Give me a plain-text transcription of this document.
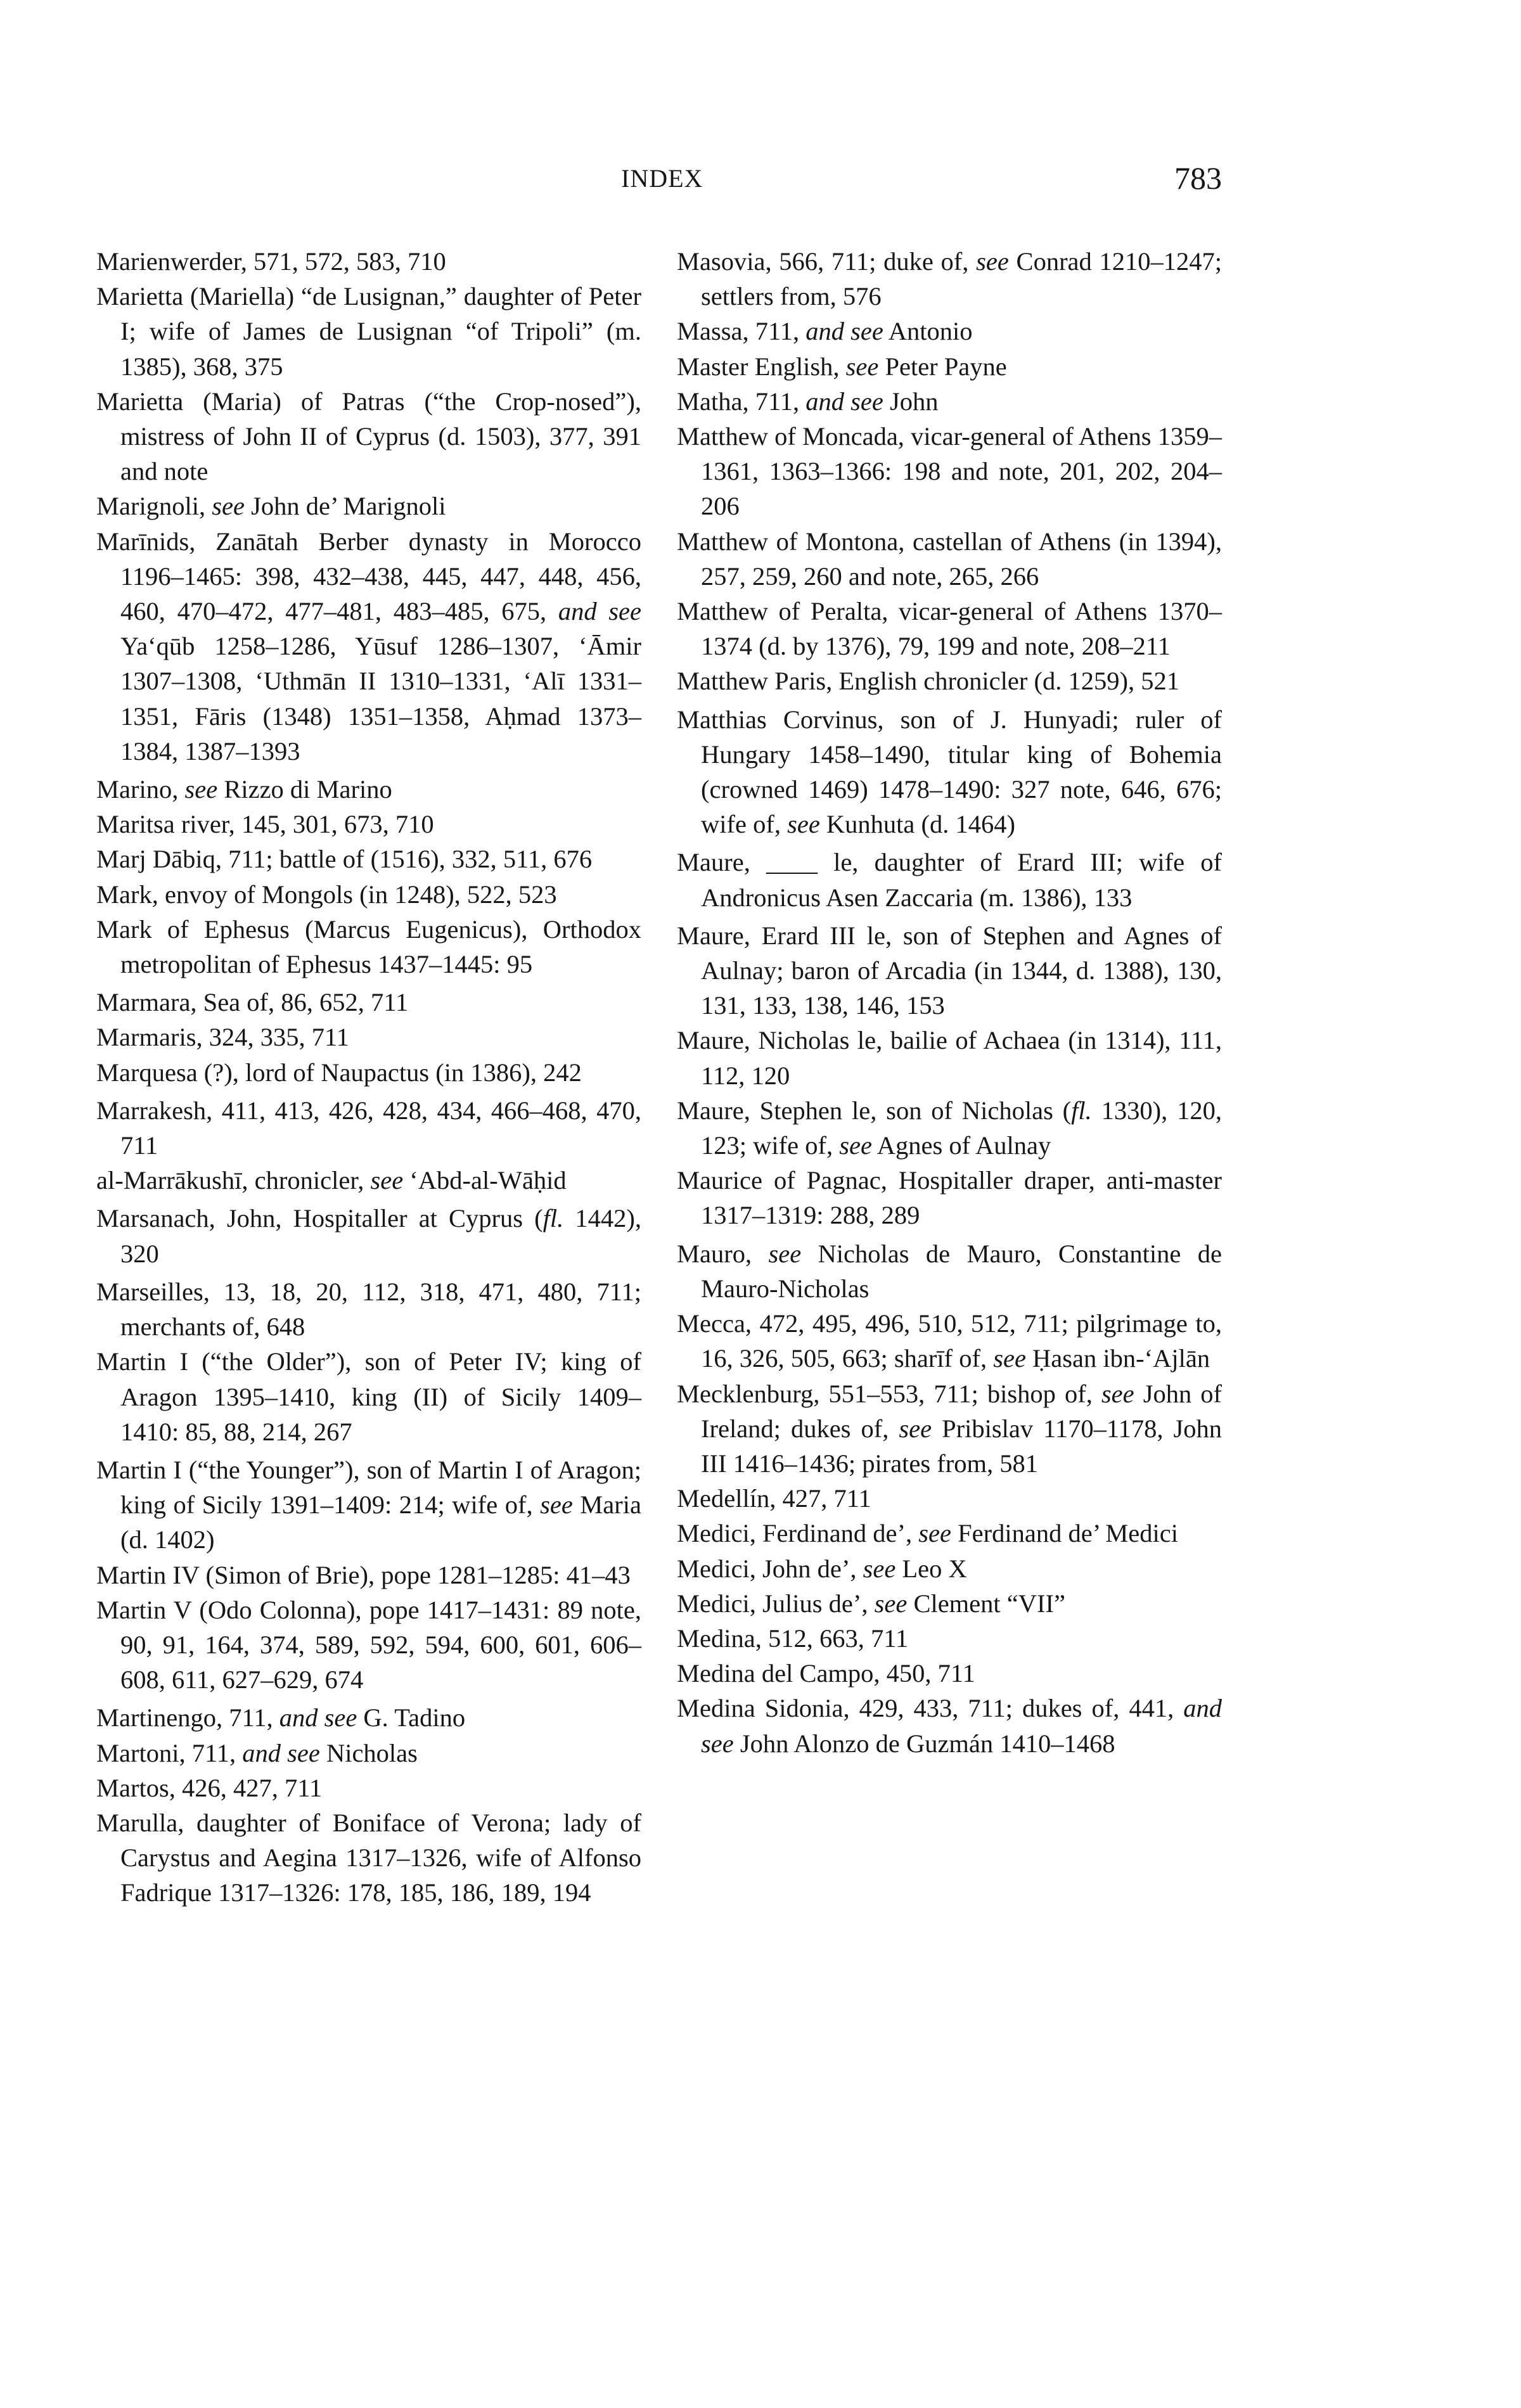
INDEX	783

Marienwerder, 571, 572, 583, 710

Marietta (Mariella) “de Lusignan,” daughter of Peter I; wife of James de Lusignan “of Tripoli” (m. 1385), 368, 375

Marietta (Maria) of Patras (“the Crop-nosed”), mistress of John II of Cyprus (d. 1503), 377, 391 and note

Marignoli, see John de’ Marignoli

Marīnids, Zanātah Berber dynasty in Morocco 1196–1465: 398, 432–438, 445, 447, 448, 456, 460, 470–472, 477–481, 483–485, 675, and see Ya‘qūb 1258–1286, Yūsuf 1286–1307, ‘Āmir 1307–1308, ‘Uthmān II 1310–1331, ‘Alī 1331–1351, Fāris (1348) 1351–1358, Aḥmad 1373–1384, 1387–1393

Marino, see Rizzo di Marino

Maritsa river, 145, 301, 673, 710

Marj Dābiq, 711; battle of (1516), 332, 511, 676

Mark, envoy of Mongols (in 1248), 522, 523

Mark of Ephesus (Marcus Eugenicus), Orthodox metropolitan of Ephesus 1437–1445: 95

Marmara, Sea of, 86, 652, 711

Marmaris, 324, 335, 711

Marquesa (?), lord of Naupactus (in 1386), 242

Marrakesh, 411, 413, 426, 428, 434, 466–468, 470, 711

al-Marrākushī, chronicler, see ‘Abd-al-Wāḥid

Marsanach, John, Hospitaller at Cyprus (fl. 1442), 320

Marseilles, 13, 18, 20, 112, 318, 471, 480, 711; merchants of, 648

Martin I (“the Older”), son of Peter IV; king of Aragon 1395–1410, king (II) of Sicily 1409–1410: 85, 88, 214, 267

Martin I (“the Younger”), son of Martin I of Aragon; king of Sicily 1391–1409: 214; wife of, see Maria (d. 1402)

Martin IV (Simon of Brie), pope 1281–1285: 41–43

Martin V (Odo Colonna), pope 1417–1431: 89 note, 90, 91, 164, 374, 589, 592, 594, 600, 601, 606–608, 611, 627–629, 674

Martinengo, 711, and see G. Tadino

Martoni, 711, and see Nicholas

Martos, 426, 427, 711

Marulla, daughter of Boniface of Verona; lady of Carystus and Aegina 1317–1326, wife of Alfonso Fadrique 1317–1326: 178, 185, 186, 189, 194

Masovia, 566, 711; duke of, see Conrad 1210–1247; settlers from, 576

Massa, 711, and see Antonio

Master English, see Peter Payne

Matha, 711, and see John

Matthew of Moncada, vicar-general of Athens 1359–1361, 1363–1366: 198 and note, 201, 202, 204–206

Matthew of Montona, castellan of Athens (in 1394), 257, 259, 260 and note, 265, 266

Matthew of Peralta, vicar-general of Athens 1370–1374 (d. by 1376), 79, 199 and note, 208–211

Matthew Paris, English chronicler (d. 1259), 521

Matthias Corvinus, son of J. Hunyadi; ruler of Hungary 1458–1490, titular king of Bohemia (crowned 1469) 1478–1490: 327 note, 646, 676; wife of, see Kunhuta (d. 1464)

Maure, ____ le, daughter of Erard III; wife of Andronicus Asen Zaccaria (m. 1386), 133

Maure, Erard III le, son of Stephen and Agnes of Aulnay; baron of Arcadia (in 1344, d. 1388), 130, 131, 133, 138, 146, 153

Maure, Nicholas le, bailie of Achaea (in 1314), 111, 112, 120

Maure, Stephen le, son of Nicholas (fl. 1330), 120, 123; wife of, see Agnes of Aulnay

Maurice of Pagnac, Hospitaller draper, anti-master 1317–1319: 288, 289

Mauro, see Nicholas de Mauro, Constantine de Mauro-Nicholas

Mecca, 472, 495, 496, 510, 512, 711; pilgrimage to, 16, 326, 505, 663; sharīf of, see Ḥasan ibn-‘Ajlān

Mecklenburg, 551–553, 711; bishop of, see John of Ireland; dukes of, see Pribislav 1170–1178, John III 1416–1436; pirates from, 581

Medellín, 427, 711

Medici, Ferdinand de’, see Ferdinand de’ Medici

Medici, John de’, see Leo X

Medici, Julius de’, see Clement “VII”

Medina, 512, 663, 711

Medina del Campo, 450, 711

Medina Sidonia, 429, 433, 711; dukes of, 441, and see John Alonzo de Guzmán 1410–1468
